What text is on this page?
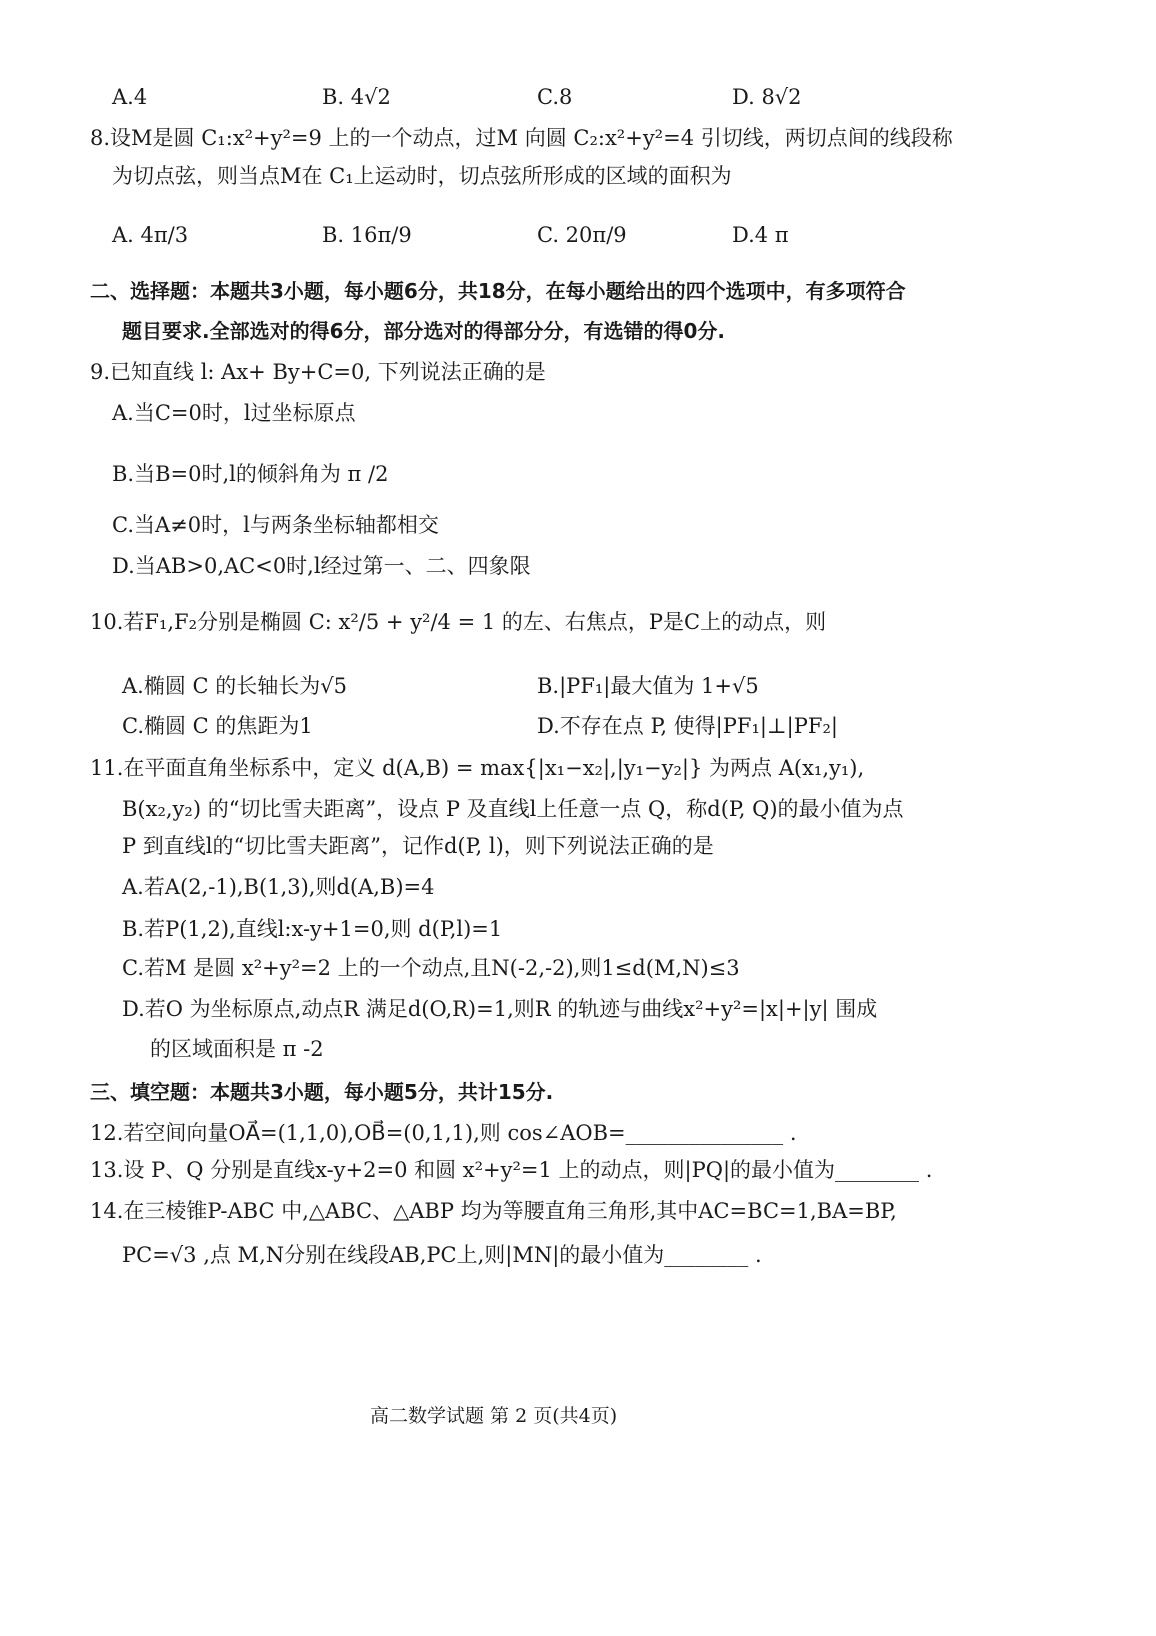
A.4	B. 4√2	C.8	D. 8√2
8.设M是圆 C₁:x²+y²=9 上的一个动点，过M 向圆 C₂:x²+y²=4 引切线，两切点间的线段称
为切点弦，则当点M在 C₁上运动时，切点弦所形成的区域的面积为
A. 4π/3	B. 16π/9	C. 20π/9	D.4 π
二、选择题：本题共3小题，每小题6分，共18分，在每小题给出的四个选项中，有多项符合
题目要求.全部选对的得6分，部分选对的得部分分，有选错的得0分.
9.已知直线 l: Ax+ By+C=0, 下列说法正确的是
A.当C=0时，l过坐标原点
B.当B=0时,l的倾斜角为 π /2
C.当A≠0时，l与两条坐标轴都相交
D.当AB>0,AC<0时,l经过第一、二、四象限
10.若F₁,F₂分别是椭圆 C: x²/5 + y²/4 = 1 的左、右焦点，P是C上的动点，则
A.椭圆 C 的长轴长为√5	B.|PF₁|最大值为 1+√5
C.椭圆 C 的焦距为1	D.不存在点 P, 使得|PF₁|⊥|PF₂|
11.在平面直角坐标系中，定义 d(A,B) = max{|x₁−x₂|,|y₁−y₂|} 为两点 A(x₁,y₁),
B(x₂,y₂) 的“切比雪夫距离”，设点 P 及直线l上任意一点 Q，称d(P, Q)的最小值为点
P 到直线l的“切比雪夫距离”，记作d(P, l)，则下列说法正确的是
A.若A(2,-1),B(1,3),则d(A,B)=4
B.若P(1,2),直线l:x-y+1=0,则 d(P,l)=1
C.若M 是圆 x²+y²=2 上的一个动点,且N(-2,-2),则1≤d(M,N)≤3
D.若O 为坐标原点,动点R 满足d(O,R)=1,则R 的轨迹与曲线x²+y²=|x|+|y| 围成
的区域面积是 π -2
三、填空题：本题共3小题，每小题5分，共计15分.
12.若空间向量OA⃗=(1,1,0),OB⃗=(0,1,1),则 cos∠AOB=_______________ .
13.设 P、Q 分别是直线x-y+2=0 和圆 x²+y²=1 上的动点，则|PQ|的最小值为________ .
14.在三棱锥P-ABC 中,△ABC、△ABP 均为等腰直角三角形,其中AC=BC=1,BA=BP,
PC=√3 ,点 M,N分别在线段AB,PC上,则|MN|的最小值为________ .
高二数学试题 第 2 页(共4页)
